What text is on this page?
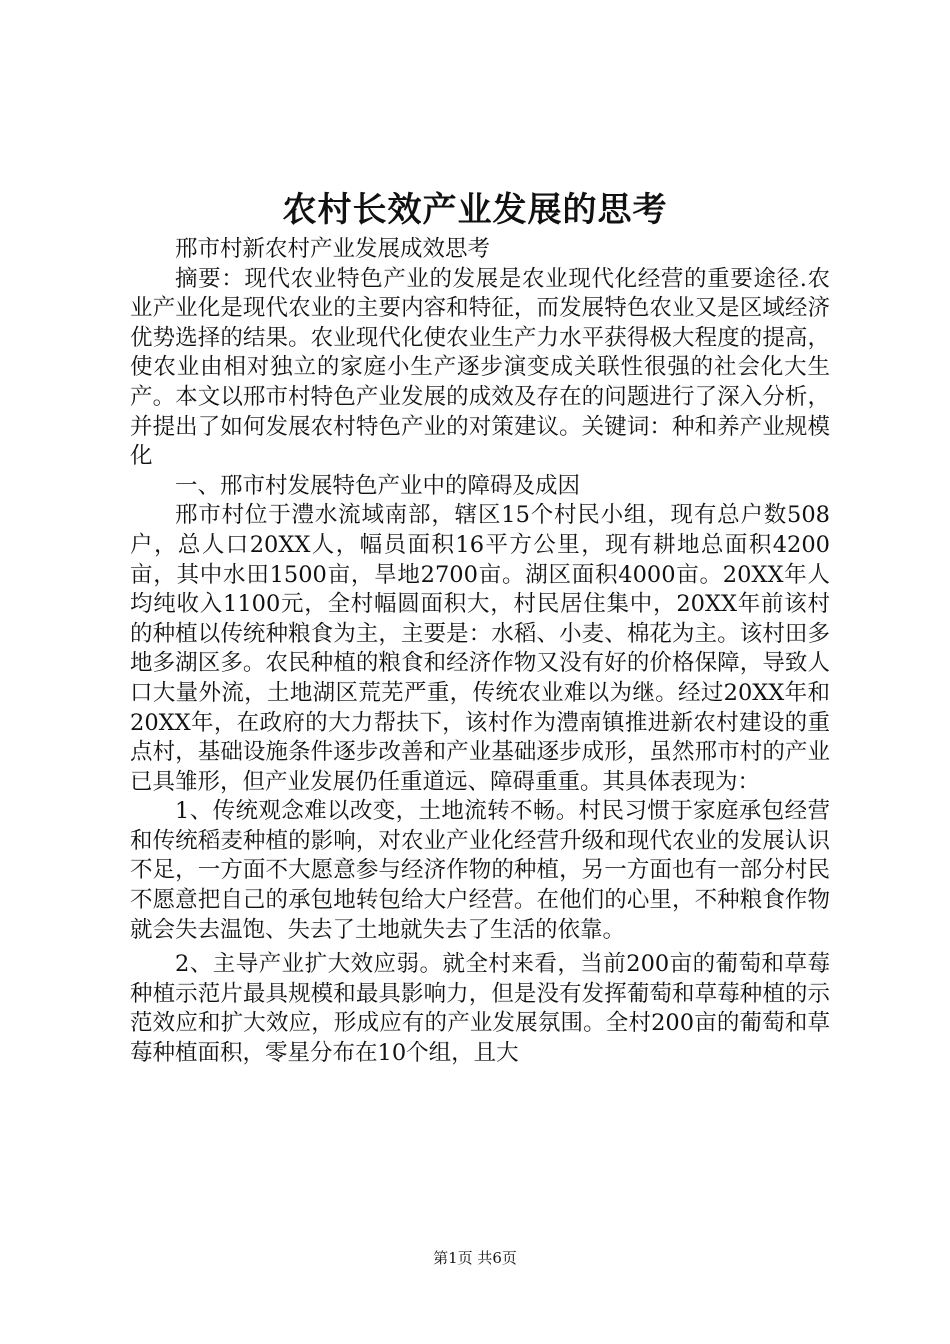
农村长效产业发展的思考

邢市村新农村产业发展成效思考

摘要：现代农业特色产业的发展是农业现代化经营的重要途径.农业产业化是现代农业的主要内容和特征，而发展特色农业又是区域经济优势选择的结果。农业现代化使农业生产力水平获得极大程度的提高，使农业由相对独立的家庭小生产逐步演变成关联性很强的社会化大生产。本文以邢市村特色产业发展的成效及存在的问题进行了深入分析，并提出了如何发展农村特色产业的对策建议。关键词：种和养产业规模化

一、邢市村发展特色产业中的障碍及成因

邢市村位于澧水流域南部，辖区15个村民小组，现有总户数508户，总人口20XX人，幅员面积16平方公里，现有耕地总面积4200亩，其中水田1500亩，旱地2700亩。湖区面积4000亩。20XX年人均纯收入1100元，全村幅圆面积大，村民居住集中，20XX年前该村的种植以传统种粮食为主，主要是：水稻、小麦、棉花为主。该村田多地多湖区多。农民种植的粮食和经济作物又没有好的价格保障，导致人口大量外流，土地湖区荒芜严重，传统农业难以为继。经过20XX年和20XX年，在政府的大力帮扶下，该村作为澧南镇推进新农村建设的重点村，基础设施条件逐步改善和产业基础逐步成形，虽然邢市村的产业已具雏形，但产业发展仍任重道远、障碍重重。其具体表现为：

1、传统观念难以改变，土地流转不畅。村民习惯于家庭承包经营和传统稻麦种植的影响，对农业产业化经营升级和现代农业的发展认识不足，一方面不大愿意参与经济作物的种植，另一方面也有一部分村民不愿意把自己的承包地转包给大户经营。在他们的心里，不种粮食作物就会失去温饱、失去了土地就失去了生活的依靠。

2、主导产业扩大效应弱。就全村来看，当前200亩的葡萄和草莓种植示范片最具规模和最具影响力，但是没有发挥葡萄和草莓种植的示范效应和扩大效应，形成应有的产业发展氛围。全村200亩的葡萄和草莓种植面积，零星分布在10个组，且大

第1页 共6页
